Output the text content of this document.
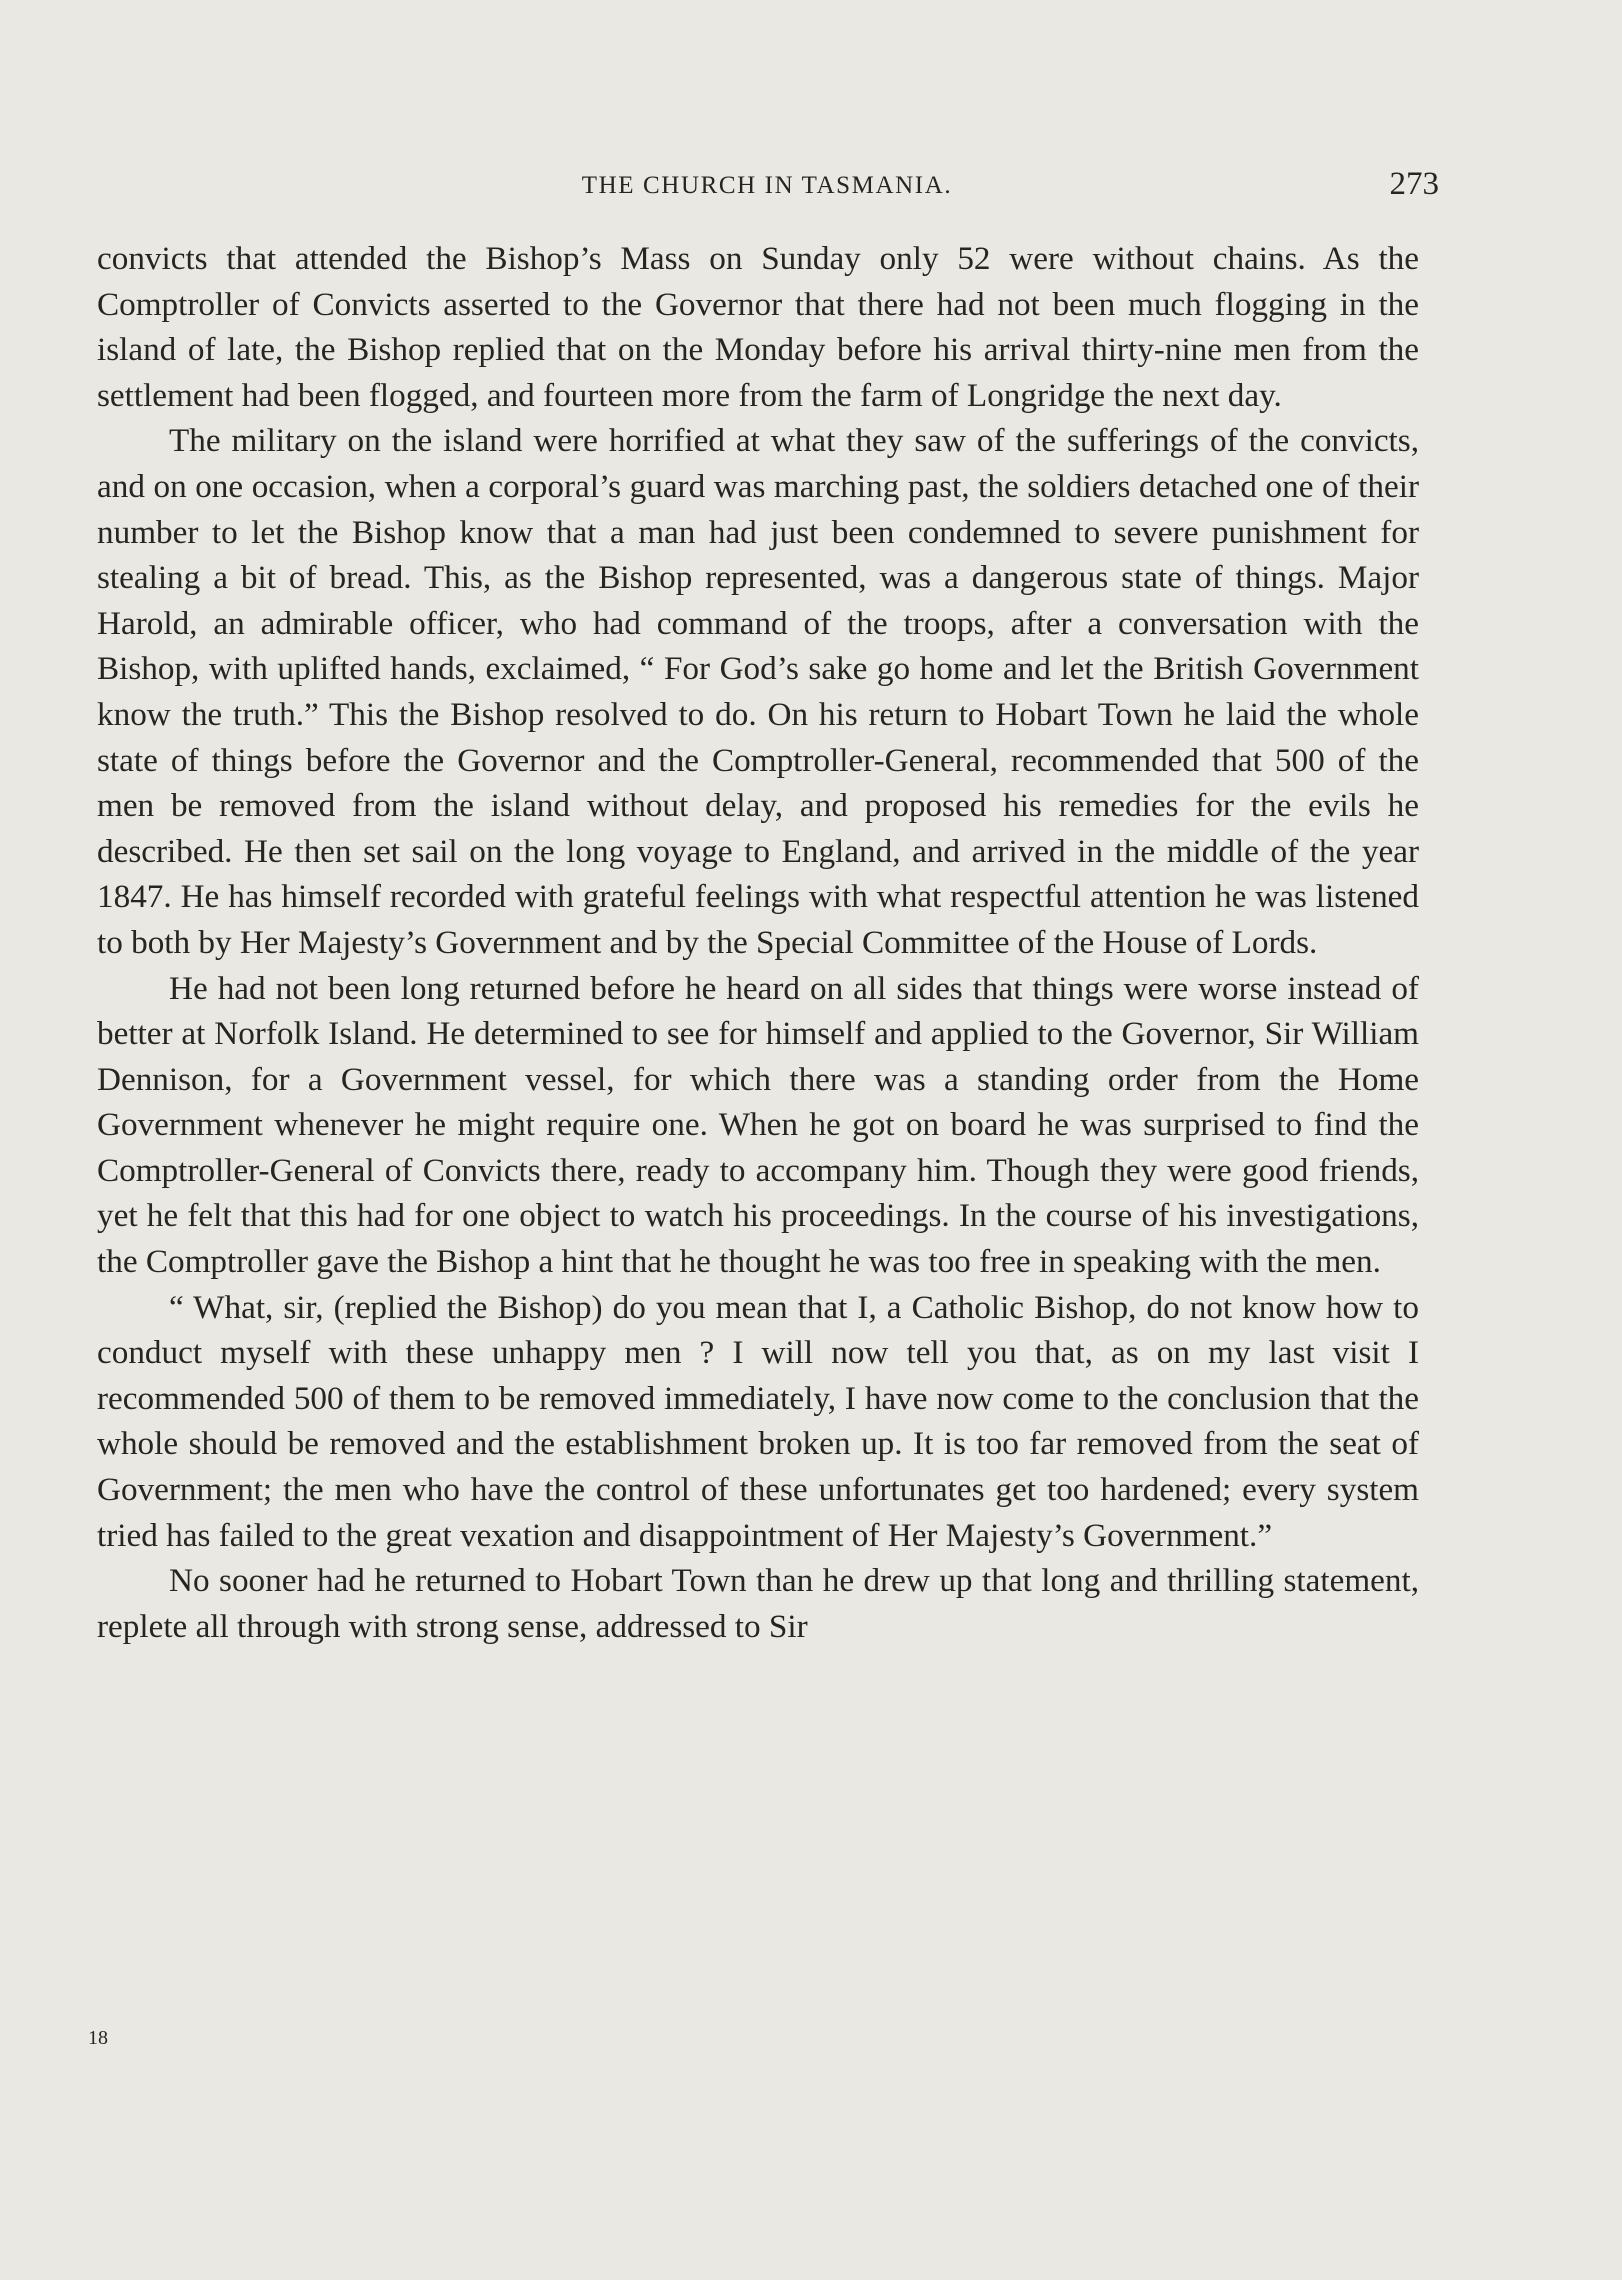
THE CHURCH IN TASMANIA.	273

convicts that attended the Bishop’s Mass on Sunday only 52 were without chains. As the Comptroller of Convicts asserted to the Governor that there had not been much flogging in the island of late, the Bishop replied that on the Monday before his arrival thirty-nine men from the settlement had been flogged, and fourteen more from the farm of Longridge the next day.

The military on the island were horrified at what they saw of the sufferings of the convicts, and on one occasion, when a corporal’s guard was marching past, the soldiers detached one of their number to let the Bishop know that a man had just been condemned to severe punishment for stealing a bit of bread. This, as the Bishop represented, was a dangerous state of things. Major Harold, an admirable officer, who had command of the troops, after a conversation with the Bishop, with uplifted hands, exclaimed, “ For God’s sake go home and let the British Government know the truth.” This the Bishop resolved to do. On his return to Hobart Town he laid the whole state of things before the Governor and the Comptroller-General, recommended that 500 of the men be removed from the island without delay, and proposed his remedies for the evils he described. He then set sail on the long voyage to England, and arrived in the middle of the year 1847. He has himself recorded with grateful feelings with what respectful attention he was listened to both by Her Majesty’s Government and by the Special Committee of the House of Lords.

He had not been long returned before he heard on all sides that things were worse instead of better at Norfolk Island. He determined to see for himself and applied to the Governor, Sir William Dennison, for a Government vessel, for which there was a standing order from the Home Government whenever he might require one. When he got on board he was surprised to find the Comptroller-General of Convicts there, ready to accompany him. Though they were good friends, yet he felt that this had for one object to watch his proceedings. In the course of his investigations, the Comptroller gave the Bishop a hint that he thought he was too free in speaking with the men.

“ What, sir, (replied the Bishop) do you mean that I, a Catholic Bishop, do not know how to conduct myself with these unhappy men ? I will now tell you that, as on my last visit I recommended 500 of them to be removed immediately, I have now come to the conclusion that the whole should be removed and the establishment broken up. It is too far removed from the seat of Government; the men who have the control of these unfortunates get too hardened; every system tried has failed to the great vexation and disappointment of Her Majesty’s Government.”

No sooner had he returned to Hobart Town than he drew up that long and thrilling statement, replete all through with strong sense, addressed to Sir

18
